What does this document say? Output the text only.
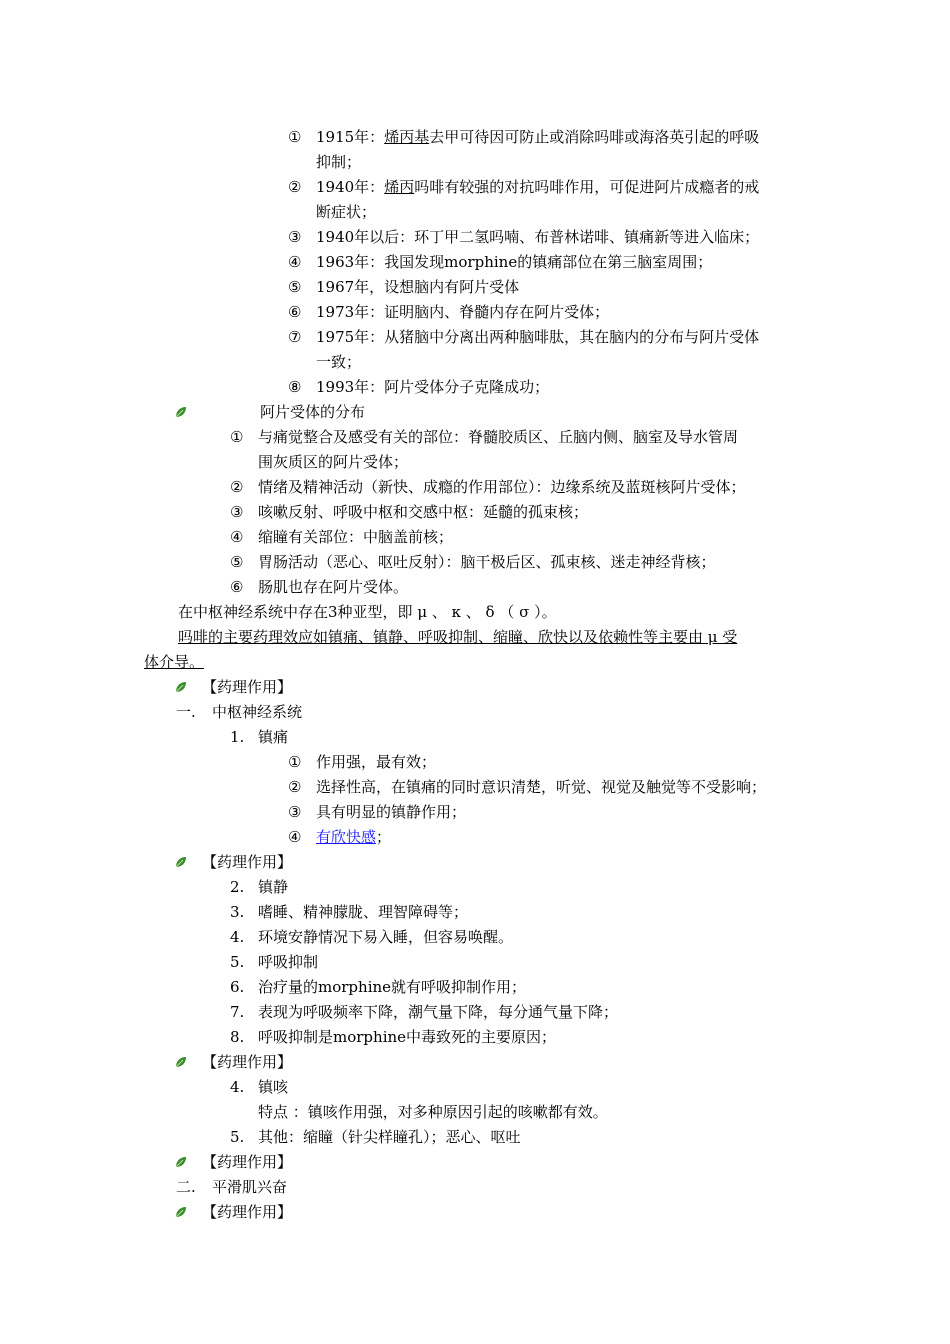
① 1915年：烯丙基去甲可待因可防止或消除吗啡或海洛英引起的呼吸
抑制；
② 1940年：烯丙吗啡有较强的对抗吗啡作用，可促进阿片成瘾者的戒
断症状；
③ 1940年以后：环丁甲二氢吗喃、布普林诺啡、镇痛新等进入临床；
④ 1963年：我国发现morphine的镇痛部位在第三脑室周围；
⑤ 1967年，设想脑内有阿片受体
⑥ 1973年：证明脑内、脊髓内存在阿片受体；
⑦ 1975年：从猪脑中分离出两种脑啡肽，其在脑内的分布与阿片受体
一致；
⑧ 1993年：阿片受体分子克隆成功；
阿片受体的分布
① 与痛觉整合及感受有关的部位：脊髓胶质区、丘脑内侧、脑室及导水管周
围灰质区的阿片受体；
② 情绪及精神活动（新快、成瘾的作用部位）：边缘系统及蓝斑核阿片受体；
③ 咳嗽反射、呼吸中枢和交感中枢：延髓的孤束核；
④ 缩瞳有关部位：中脑盖前核；
⑤ 胃肠活动（恶心、呕吐反射）：脑干极后区、孤束核、迷走神经背核；
⑥ 肠肌也存在阿片受体。
在中枢神经系统中存在3种亚型，即 μ 、 κ 、 δ （ σ ）。
吗啡的主要药理效应如镇痛、镇静、呼吸抑制、缩瞳、欣快以及依赖性等主要由 μ 受
体介导。
【药理作用】
一. 中枢神经系统
1. 镇痛
① 作用强，最有效；
② 选择性高，在镇痛的同时意识清楚，听觉、视觉及触觉等不受影响；
③ 具有明显的镇静作用；
④ 有欣快感；
【药理作用】
2. 镇静
3. 嗜睡、精神朦胧、理智障碍等；
4. 环境安静情况下易入睡，但容易唤醒。
5. 呼吸抑制
6. 治疗量的morphine就有呼吸抑制作用；
7. 表现为呼吸频率下降，潮气量下降，每分通气量下降；
8. 呼吸抑制是morphine中毒致死的主要原因；
【药理作用】
4. 镇咳
特点 ：镇咳作用强，对多种原因引起的咳嗽都有效。
5. 其他：缩瞳（针尖样瞳孔）；恶心、呕吐
【药理作用】
二. 平滑肌兴奋
【药理作用】
